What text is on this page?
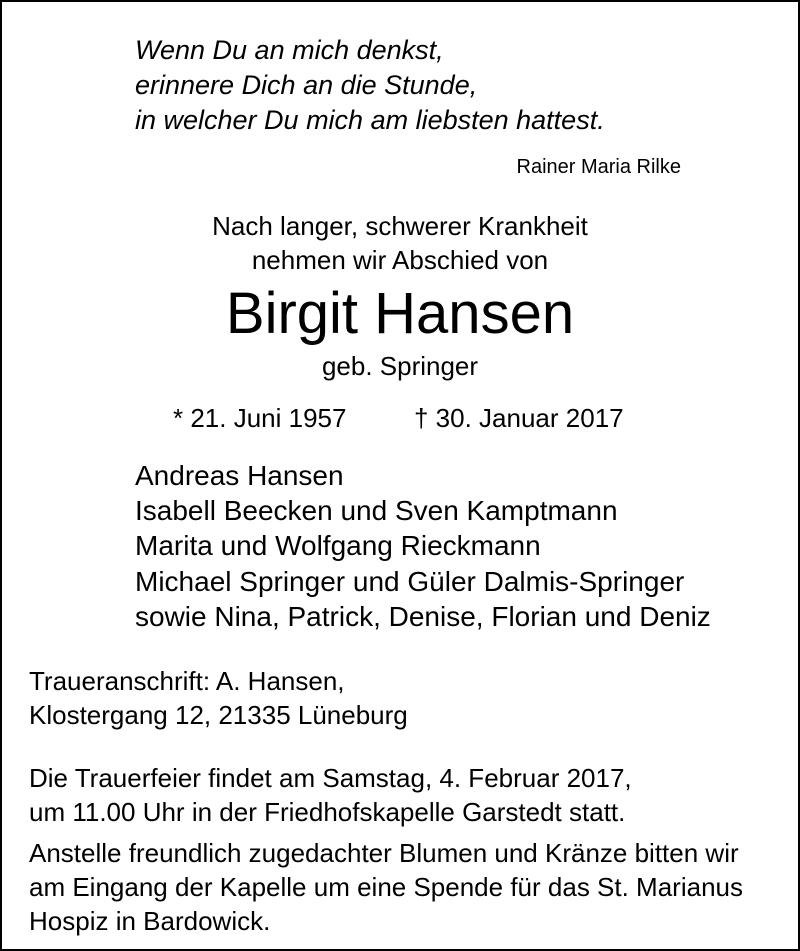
Wenn Du an mich denkst,
erinnere Dich an die Stunde,
in welcher Du mich am liebsten hattest.
Rainer Maria Rilke
Nach langer, schwerer Krankheit
nehmen wir Abschied von
Birgit Hansen
geb. Springer
* 21. Juni 1957	† 30. Januar 2017
Andreas Hansen
Isabell Beecken und Sven Kamptmann
Marita und Wolfgang Rieckmann
Michael Springer und Güler Dalmis-Springer
sowie Nina, Patrick, Denise, Florian und Deniz
Traueranschrift: A. Hansen,
Klostergang 12, 21335 Lüneburg
Die Trauerfeier findet am Samstag, 4. Februar 2017,
um 11.00 Uhr in der Friedhofskapelle Garstedt statt.
Anstelle freundlich zugedachter Blumen und Kränze bitten wir
am Eingang der Kapelle um eine Spende für das St. Marianus
Hospiz in Bardowick.
